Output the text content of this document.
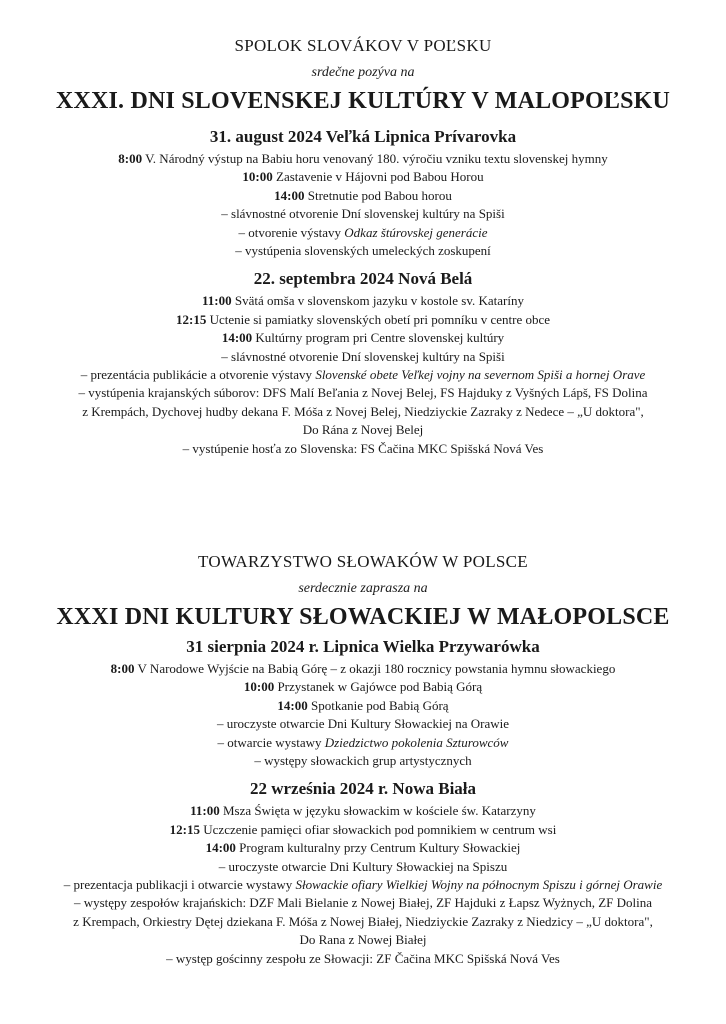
SPOLOK SLOVÁKOV V POĽSKU

srdečne pozýva na

XXXI. DNI SLOVENSKEJ KULTÚRY V MALOPOĽSKU

31. august 2024 Veľká Lipnica Prívarovka

8:00 V. Národný výstup na Babiu horu venovaný 180. výročiu vzniku textu slovenskej hymny

10:00 Zastavenie v Hájovni pod Babou Horou

14:00 Stretnutie pod Babou horou

– slávnostné otvorenie Dní slovenskej kultúry na Spiši

– otvorenie výstavy Odkaz štúrovskej generácie

– vystúpenia slovenských umeleckých zoskupení

22. septembra 2024 Nová Belá

11:00 Svätá omša v slovenskom jazyku v kostole sv. Kataríny

12:15 Uctenie si pamiatky slovenských obetí pri pomníku v centre obce

14:00 Kultúrny program pri Centre slovenskej kultúry

– slávnostné otvorenie Dní slovenskej kultúry na Spiši

– prezentácia publikácie a otvorenie výstavy Slovenské obete Veľkej vojny na severnom Spiši a hornej Orave

– vystúpenia krajanských súborov: DFS Malí Beľania z Novej Belej, FS Hajduky z Vyšných Lápš, FS Dolina

z Krempách, Dychovej hudby dekana F. Móša z Novej Belej, Niedziyckie Zazraky z Nedece – „U doktora",

Do Rána z Novej Belej

– vystúpenie hosťa zo Slovenska: FS Čačina MKC Spišská Nová Ves

TOWARZYSTWO SŁOWAKÓW W POLSCE

serdecznie zaprasza na

XXXI DNI KULTURY SŁOWACKIEJ W MAŁOPOLSCE

31 sierpnia 2024 r. Lipnica Wielka Przywarówka

8:00 V Narodowe Wyjście na Babią Górę – z okazji 180 rocznicy powstania hymnu słowackiego

10:00 Przystanek w Gajówce pod Babią Górą

14:00 Spotkanie pod Babią Górą

– uroczyste otwarcie Dni Kultury Słowackiej na Orawie

– otwarcie wystawy Dziedzictwo pokolenia Szturowców

– występy słowackich grup artystycznych

22 września 2024 r. Nowa Biała

11:00 Msza Święta w języku słowackim w kościele św. Katarzyny

12:15 Uczczenie pamięci ofiar słowackich pod pomnikiem w centrum wsi

14:00 Program kulturalny przy Centrum Kultury Słowackiej

– uroczyste otwarcie Dni Kultury Słowackiej na Spiszu

– prezentacja publikacji i otwarcie wystawy Słowackie ofiary Wielkiej Wojny na północnym Spiszu i górnej Orawie

– występy zespołów krajańskich: DZF Mali Bielanie z Nowej Białej, ZF Hajduki z Łapsz Wyżnych, ZF Dolina

z Krempach, Orkiestry Dętej dziekana F. Móša z Nowej Białej, Niedziyckie Zazraky z Niedzicy – „U doktora",

Do Rana z Nowej Białej

– występ gościnny zespołu ze Słowacji: ZF Čačina MKC Spišská Nová Ves
